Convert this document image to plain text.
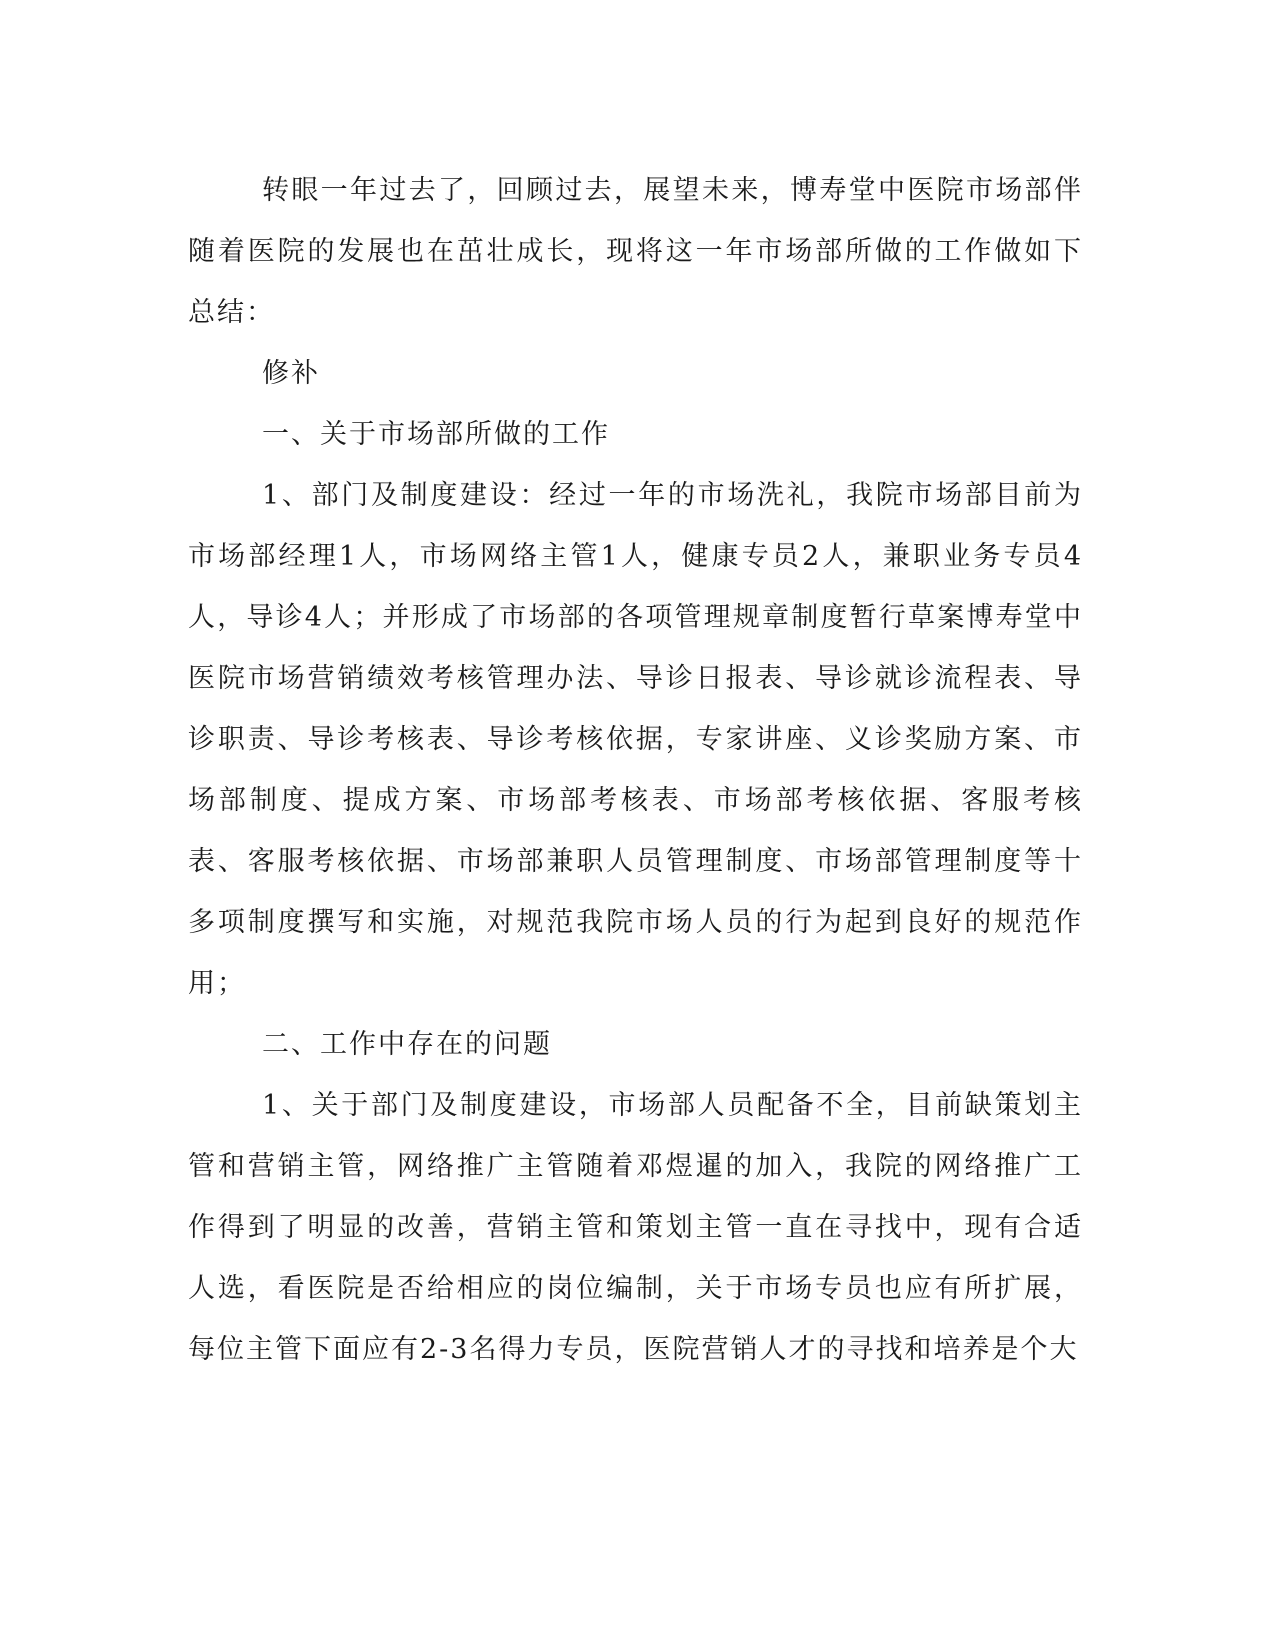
转眼一年过去了，回顾过去，展望未来，博寿堂中医院市场部伴随着医院的发展也在茁壮成长，现将这一年市场部所做的工作做如下总结：

修补

一、关于市场部所做的工作

1、部门及制度建设：经过一年的市场洗礼，我院市场部目前为市场部经理1人，市场网络主管1人，健康专员2人，兼职业务专员4人，导诊4人；并形成了市场部的各项管理规章制度暂行草案博寿堂中医院市场营销绩效考核管理办法、导诊日报表、导诊就诊流程表、导诊职责、导诊考核表、导诊考核依据，专家讲座、义诊奖励方案、市场部制度、提成方案、市场部考核表、市场部考核依据、客服考核表、客服考核依据、市场部兼职人员管理制度、市场部管理制度等十多项制度撰写和实施，对规范我院市场人员的行为起到良好的规范作用；

二、工作中存在的问题

1、关于部门及制度建设，市场部人员配备不全，目前缺策划主管和营销主管，网络推广主管随着邓煜暹的加入，我院的网络推广工作得到了明显的改善，营销主管和策划主管一直在寻找中，现有合适人选，看医院是否给相应的岗位编制，关于市场专员也应有所扩展，每位主管下面应有2-3名得力专员，医院营销人才的寻找和培养是个大
